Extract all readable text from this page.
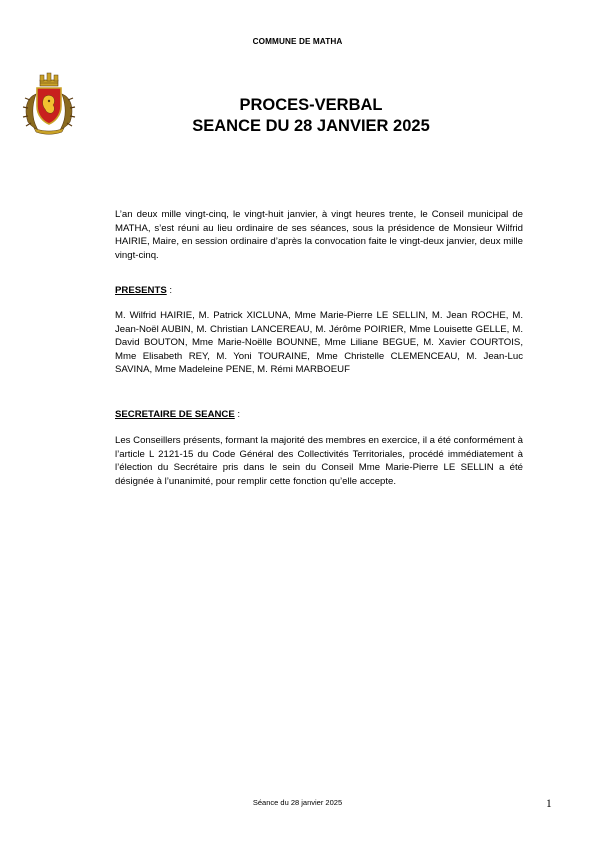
COMMUNE DE MATHA
PROCES-VERBAL
SEANCE DU 28 JANVIER 2025

L’an deux mille vingt-cinq, le vingt-huit janvier, à vingt heures trente, le Conseil municipal de MATHA, s’est réuni au lieu ordinaire de ses séances, sous la présidence de Monsieur Wilfrid HAIRIE, Maire, en session ordinaire d’après la convocation faite le vingt-deux janvier, deux mille vingt-cinq.

PRESENTS :

M. Wilfrid HAIRIE, M. Patrick XICLUNA, Mme Marie-Pierre LE SELLIN, M. Jean ROCHE, M. Jean-Noël AUBIN, M. Christian LANCEREAU, M. Jérôme POIRIER, Mme Louisette GELLE, M. David BOUTON, Mme Marie-Noëlle BOUNNE, Mme Liliane BEGUE, M. Xavier COURTOIS, Mme Elisabeth REY, M. Yoni TOURAINE, Mme Christelle CLEMENCEAU, M. Jean-Luc SAVINA, Mme Madeleine PENE, M. Rémi MARBOEUF

SECRETAIRE DE SEANCE :

Les Conseillers présents, formant la majorité des membres en exercice, il a été conformément à l’article L 2121-15 du Code Général des Collectivités Territoriales, procédé immédiatement à l’élection du Secrétaire pris dans le sein du Conseil Mme Marie-Pierre LE SELLIN a été désignée à l’unanimité, pour remplir cette fonction qu’elle accepte.

Séance du 28 janvier 2025	1
